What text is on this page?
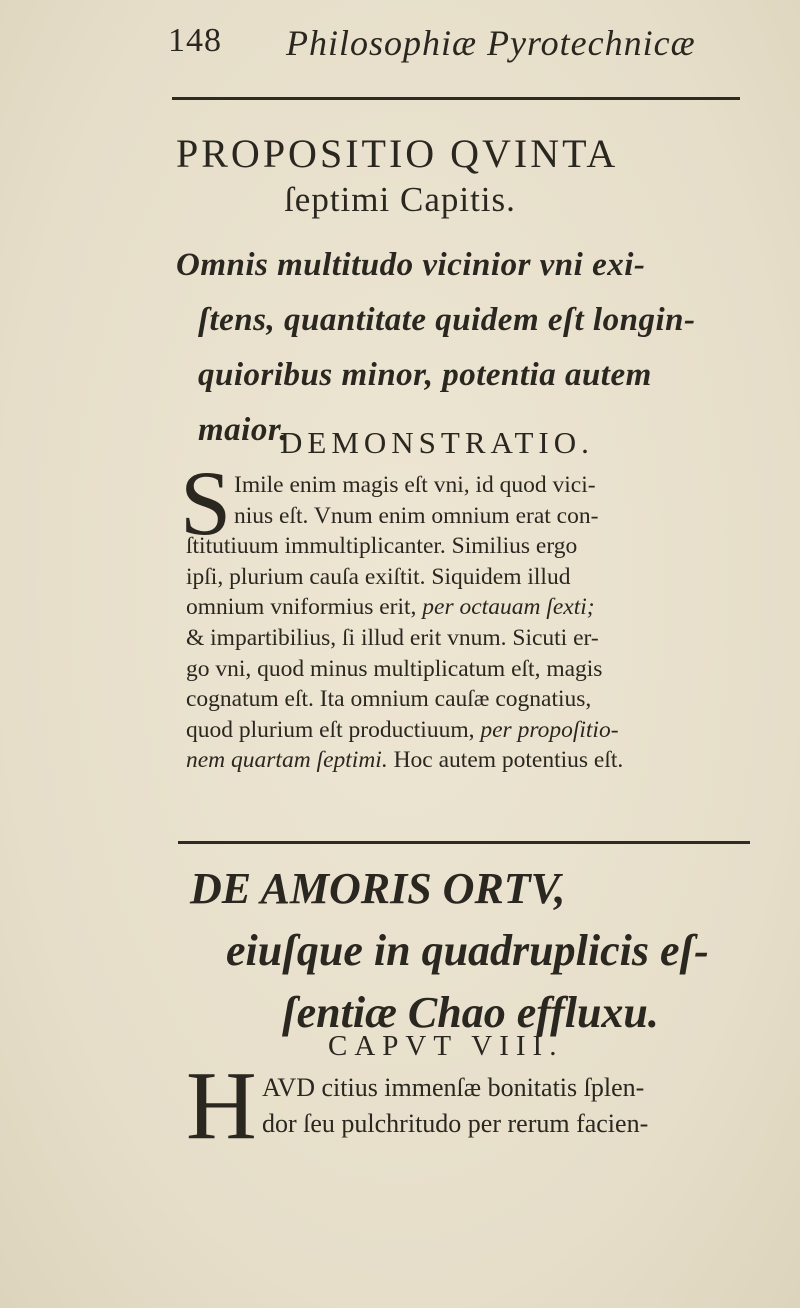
148 Philosophiæ Pyrotechnicæ
PROPOSITIO QVINTA
ſeptimi Capitis.
Omnis multitudo vicinior vni exi-
ſtens, quantitate quidem eſt longin-
quioribus minor, potentia autem
maior.
DEMONSTRATIO.
S Imile enim magis eſt vni, id quod vici-
nius eſt. Vnum enim omnium erat con-
ſtitutiuum immultiplicanter. Similius ergo
ipſi, plurium cauſa exiſtit. Siquidem illud
omnium vniformius erit, per octauam ſexti;
& impartibilius, ſi illud erit vnum. Sicuti er-
go vni, quod minus multiplicatum eſt, magis
cognatum eſt. Ita omnium cauſæ cognatius,
quod plurium eſt productiuum, per propoſitio-
nem quartam ſeptimi. Hoc autem potentius eſt.
DE AMORIS ORTV,
eiuſque in quadruplicis eſ-
ſentiæ Chao effluxu.
CAPVT VIII.
H AVD citius immenſæ bonitatis ſplen-
dor ſeu pulchritudo per rerum facien-
